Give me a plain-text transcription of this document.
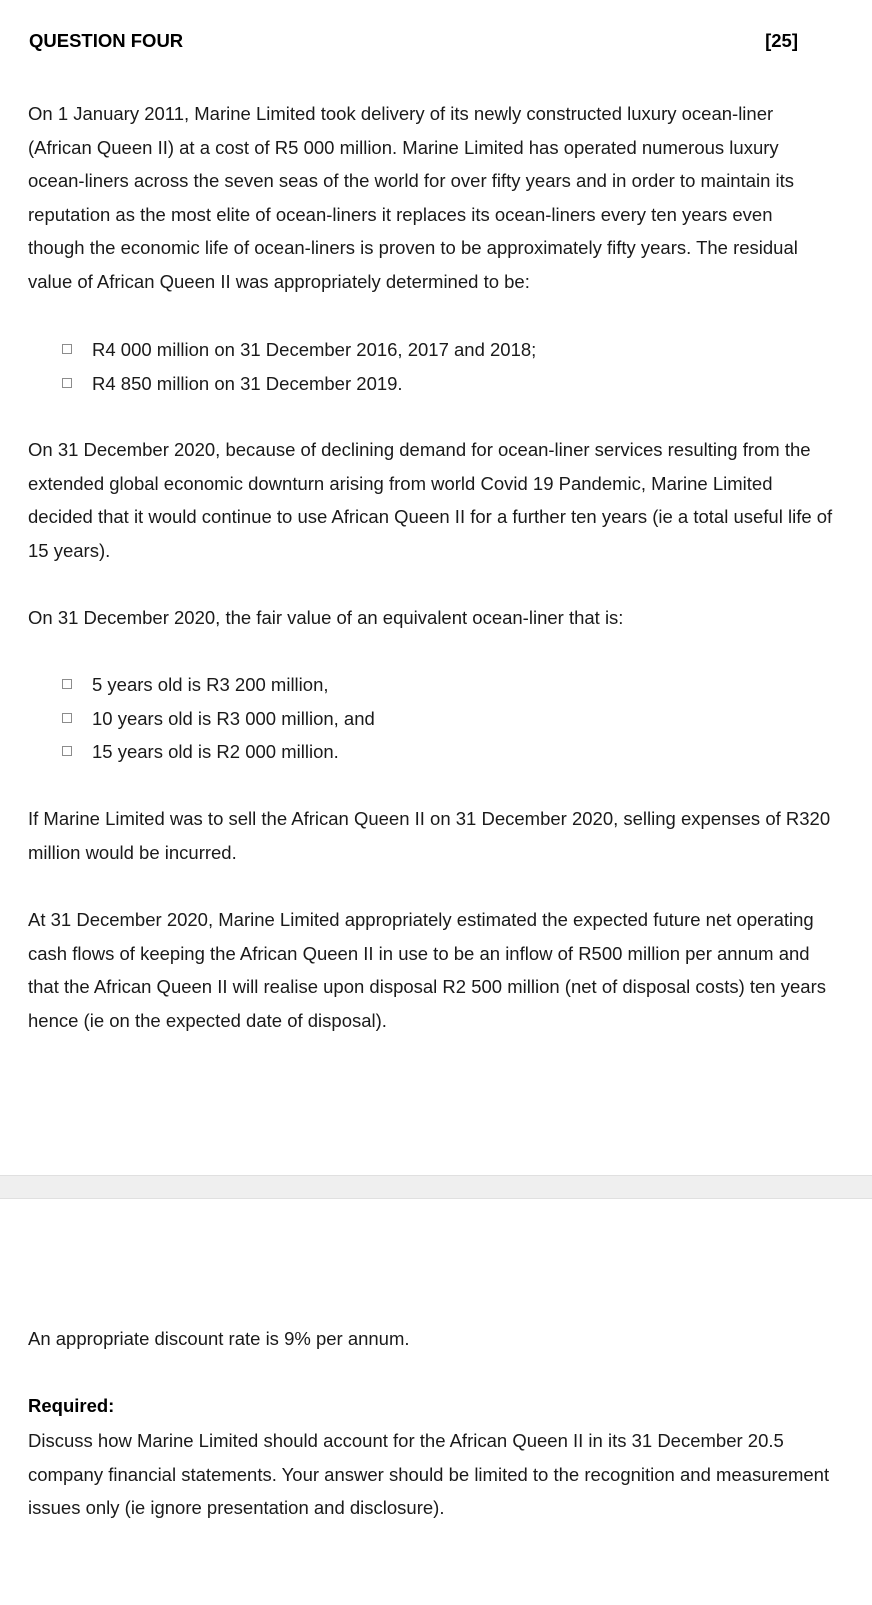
QUESTION FOUR	[25]

On 1 January 2011, Marine Limited took delivery of its newly constructed luxury ocean-liner (African Queen II) at a cost of R5 000 million. Marine Limited has operated numerous luxury ocean-liners across the seven seas of the world for over fifty years and in order to maintain its reputation as the most elite of ocean-liners it replaces its ocean-liners every ten years even though the economic life of ocean-liners is proven to be approximately fifty years. The residual value of African Queen II was appropriately determined to be:

R4 000 million on 31 December 2016, 2017 and 2018;
R4 850 million on 31 December 2019.

On 31 December 2020, because of declining demand for ocean-liner services resulting from the extended global economic downturn arising from world Covid 19 Pandemic, Marine Limited decided that it would continue to use African Queen II for a further ten years (ie a total useful life of 15 years).

On 31 December 2020, the fair value of an equivalent ocean-liner that is:

5 years old is R3 200 million,
10 years old is R3 000 million, and
15 years old is R2 000 million.

If Marine Limited was to sell the African Queen II on 31 December 2020, selling expenses of R320 million would be incurred.

At 31 December 2020, Marine Limited appropriately estimated the expected future net operating cash flows of keeping the African Queen II in use to be an inflow of R500 million per annum and that the African Queen II will realise upon disposal R2 500 million (net of disposal costs) ten years hence (ie on the expected date of disposal).

An appropriate discount rate is 9% per annum.

Required:

Discuss how Marine Limited should account for the African Queen II in its 31 December 20.5 company financial statements. Your answer should be limited to the recognition and measurement issues only (ie ignore presentation and disclosure).
